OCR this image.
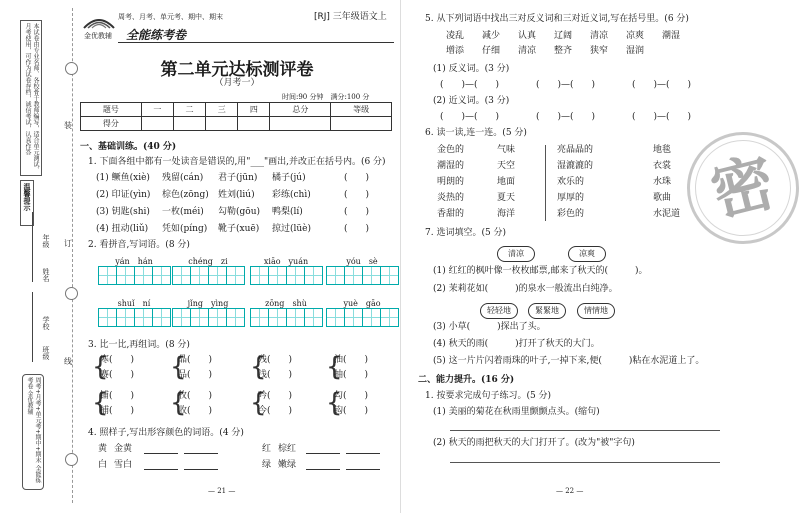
本试卷由专业名师、各校骨干教师编写，适合单元测试、月考使用，可作为试卷存档，诚信考试，认真作答
温馨提示
年级
姓名
学校
班级
周考+月考+单元考+期中+期末 全能练考卷 金优教辅
装
订
线
金优教辅
周考、月考、单元考、期中、期末
全能练考卷
[RJ] 三年级语文上
第二单元达标测评卷
（月考一）
时间:90 分钟　满分:100 分
题号	一	二	三	四	总分	等级
得分						
一、基础训练。(40 分)
1. 下面各组中都有一处读音是错误的,用"___"画出,并改正在括号内。(6 分)
(1) 鳜鱼(xiè) 残留(cán) 君子(jūn) 橘子(jú)	(　　)
(2) 印证(yìn) 棕色(zōng) 姓刘(liú) 彩练(chì)	(　　)
(3) 钥匙(shi) 一枚(méi) 勾勒(gōu) 鸭梨(lí)	(　　)
(4) 扭动(liǔ) 凭如(píng) 靴子(xuē) 掠过(lüè)	(　　)
2. 看拼音,写词语。(8 分)
yán　 hán	chéng　 zi	xiāo　 yuán	yóu　 sè
shuǐ　 ní	jǐng　 yìng	zōng　 shù	yuè　 gāo
3. 比一比,再组词。(8 分)
{
寒(　　)
赛(　　) {
晶(　　)
品(　　) {
残(　　)
浅(　　) {
油(　　)
抽(　　)
{
铺(　　)
捕(　　) {
牧(　　)
收(　　) {
吟(　　)
今(　　) {
勾(　　)
钩(　　)
4. 照样子,写出形容颜色的词语。(4 分)
黄 金黄	红 棕红
白 雪白	绿 嫩绿
— 21 —
密
5. 从下列词语中找出三对反义词和三对近义词,写在括号里。(6 分)
凌乱 减少 认真 辽阔 清凉 凉爽 潮湿
增添 仔细 清凉 整齐 狭窄 湿润
(1) 反义词。(3 分)
(　　)—(　　)	(　　)—(　　)	(　　)—(　　)
(2) 近义词。(3 分)
(　　)—(　　)	(　　)—(　　)	(　　)—(　　)
6. 读一读,连一连。(5 分)
金色的
潮湿的
明朗的
炎热的
香甜的
气味
天空
地面
夏天
海洋
亮晶晶的
湿漉漉的
欢乐的
厚厚的
彩色的
地毯
衣裳
水珠
歌曲
水泥道
7. 选词填空。(5 分)
清凉	凉爽
(1) 红红的枫叶像一枚枚邮票,邮来了秋天的(　　　)。
(2) 茉莉花如(　　　)的泉水一般流出白纯净。
轻轻地	緊緊地	情情地
(3) 小草(　　　)探出了头。
(4) 秋天的雨(　　　)打开了秋天的大门。
(5) 这一片片闪着雨珠的叶子,一掉下来,便(　　　)粘在水泥道上了。
二、能力提升。(16 分)
1. 按要求完成句子练习。(5 分)
(1) 美丽的菊花在秋雨里颤颤点头。(缩句)
(2) 秋天的雨把秋天的大门打开了。(改为"被"字句)
— 22 —
